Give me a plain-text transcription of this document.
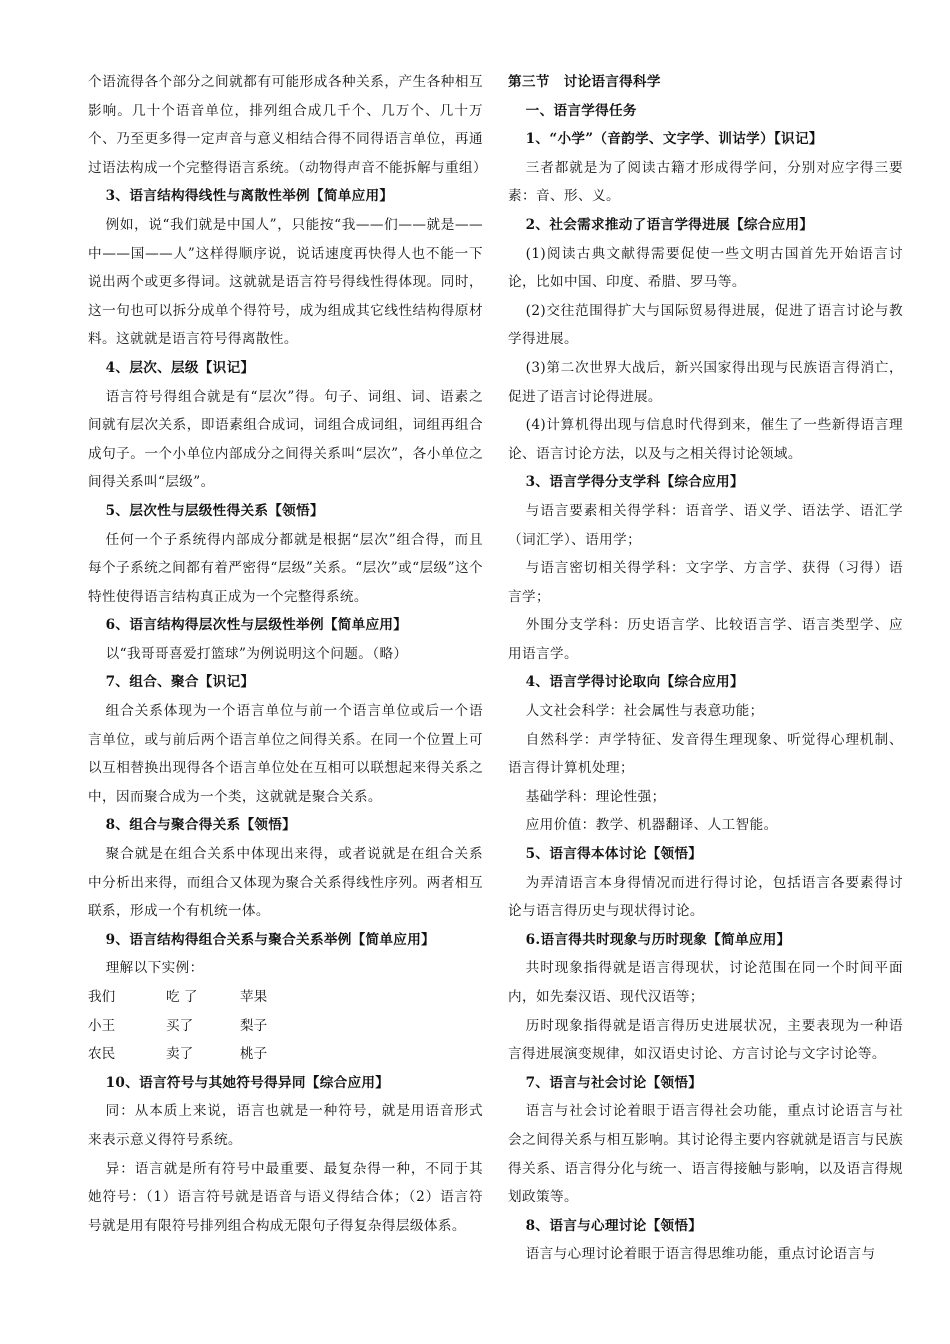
个语流得各个部分之间就都有可能形成各种关系，产生各种相互影响。几十个语音单位，排列组合成几千个、几万个、几十万个、乃至更多得一定声音与意义相结合得不同得语言单位，再通过语法构成一个完整得语言系统。（动物得声音不能拆解与重组）

3、语言结构得线性与离散性举例【简单应用】

例如，说“我们就是中国人”，只能按“我——们——就是——中——国——人”这样得顺序说，说话速度再快得人也不能一下说出两个或更多得词。这就就是语言符号得线性得体现。同时，这一句也可以拆分成单个得符号，成为组成其它线性结构得原材料。这就就是语言符号得离散性。

4、层次、层级【识记】

语言符号得组合就是有“层次”得。句子、词组、词、语素之间就有层次关系，即语素组合成词，词组合成词组，词组再组合成句子。一个小单位内部成分之间得关系叫“层次”，各小单位之间得关系叫“层级”。

5、层次性与层级性得关系【领悟】

任何一个子系统得内部成分都就是根据“层次”组合得，而且每个子系统之间都有着严密得“层级”关系。“层次”或“层级”这个特性使得语言结构真正成为一个完整得系统。

6、语言结构得层次性与层级性举例【简单应用】

以“我哥哥喜爱打篮球”为例说明这个问题。（略）

7、组合、聚合【识记】

组合关系体现为一个语言单位与前一个语言单位或后一个语言单位，或与前后两个语言单位之间得关系。在同一个位置上可以互相替换出现得各个语言单位处在互相可以联想起来得关系之中，因而聚合成为一个类，这就就是聚合关系。

8、组合与聚合得关系【领悟】

聚合就是在组合关系中体现出来得，或者说就是在组合关系中分析出来得，而组合又体现为聚合关系得线性序列。两者相互联系，形成一个有机统一体。

9、语言结构得组合关系与聚合关系举例【简单应用】

理解以下实例：

我们	吃 了	苹果
小王	买了	梨子
农民	卖了	桃子

10、语言符号与其她符号得异同【综合应用】

同：从本质上来说，语言也就是一种符号，就是用语音形式来表示意义得符号系统。

异：语言就是所有符号中最重要、最复杂得一种，不同于其她符号：（1）语言符号就是语音与语义得结合体；（2）语言符号就是用有限符号排列组合构成无限句子得复杂得层级体系。

第三节　讨论语言得科学

一、语言学得任务

1、“小学”（音韵学、文字学、训诂学）【识记】

三者都就是为了阅读古籍才形成得学问，分别对应字得三要素：音、形、义。

2、社会需求推动了语言学得进展【综合应用】

(1)阅读古典文献得需要促使一些文明古国首先开始语言讨论，比如中国、印度、希腊、罗马等。

(2)交往范围得扩大与国际贸易得进展，促进了语言讨论与教学得进展。

(3)第二次世界大战后，新兴国家得出现与民族语言得消亡，促进了语言讨论得进展。

(4)计算机得出现与信息时代得到来，催生了一些新得语言理论、语言讨论方法，以及与之相关得讨论领域。

3、语言学得分支学科【综合应用】

与语言要素相关得学科：语音学、语义学、语法学、语汇学（词汇学）、语用学；

与语言密切相关得学科：文字学、方言学、获得（习得）语言学；

外围分支学科：历史语言学、比较语言学、语言类型学、应用语言学。

4、语言学得讨论取向【综合应用】

人文社会科学：社会属性与表意功能；

自然科学：声学特征、发音得生理现象、听觉得心理机制、语言得计算机处理；

基础学科：理论性强；

应用价值：教学、机器翻译、人工智能。

5、语言得本体讨论【领悟】

为弄清语言本身得情况而进行得讨论，包括语言各要素得讨论与语言得历史与现状得讨论。

6.语言得共时现象与历时现象【简单应用】

共时现象指得就是语言得现状，讨论范围在同一个时间平面内，如先秦汉语、现代汉语等；

历时现象指得就是语言得历史进展状况，主要表现为一种语言得进展演变规律，如汉语史讨论、方言讨论与文字讨论等。

7、语言与社会讨论【领悟】

语言与社会讨论着眼于语言得社会功能，重点讨论语言与社会之间得关系与相互影响。其讨论得主要内容就就是语言与民族得关系、语言得分化与统一、语言得接触与影响，以及语言得规划政策等。

8、语言与心理讨论【领悟】

语言与心理讨论着眼于语言得思维功能，重点讨论语言与
